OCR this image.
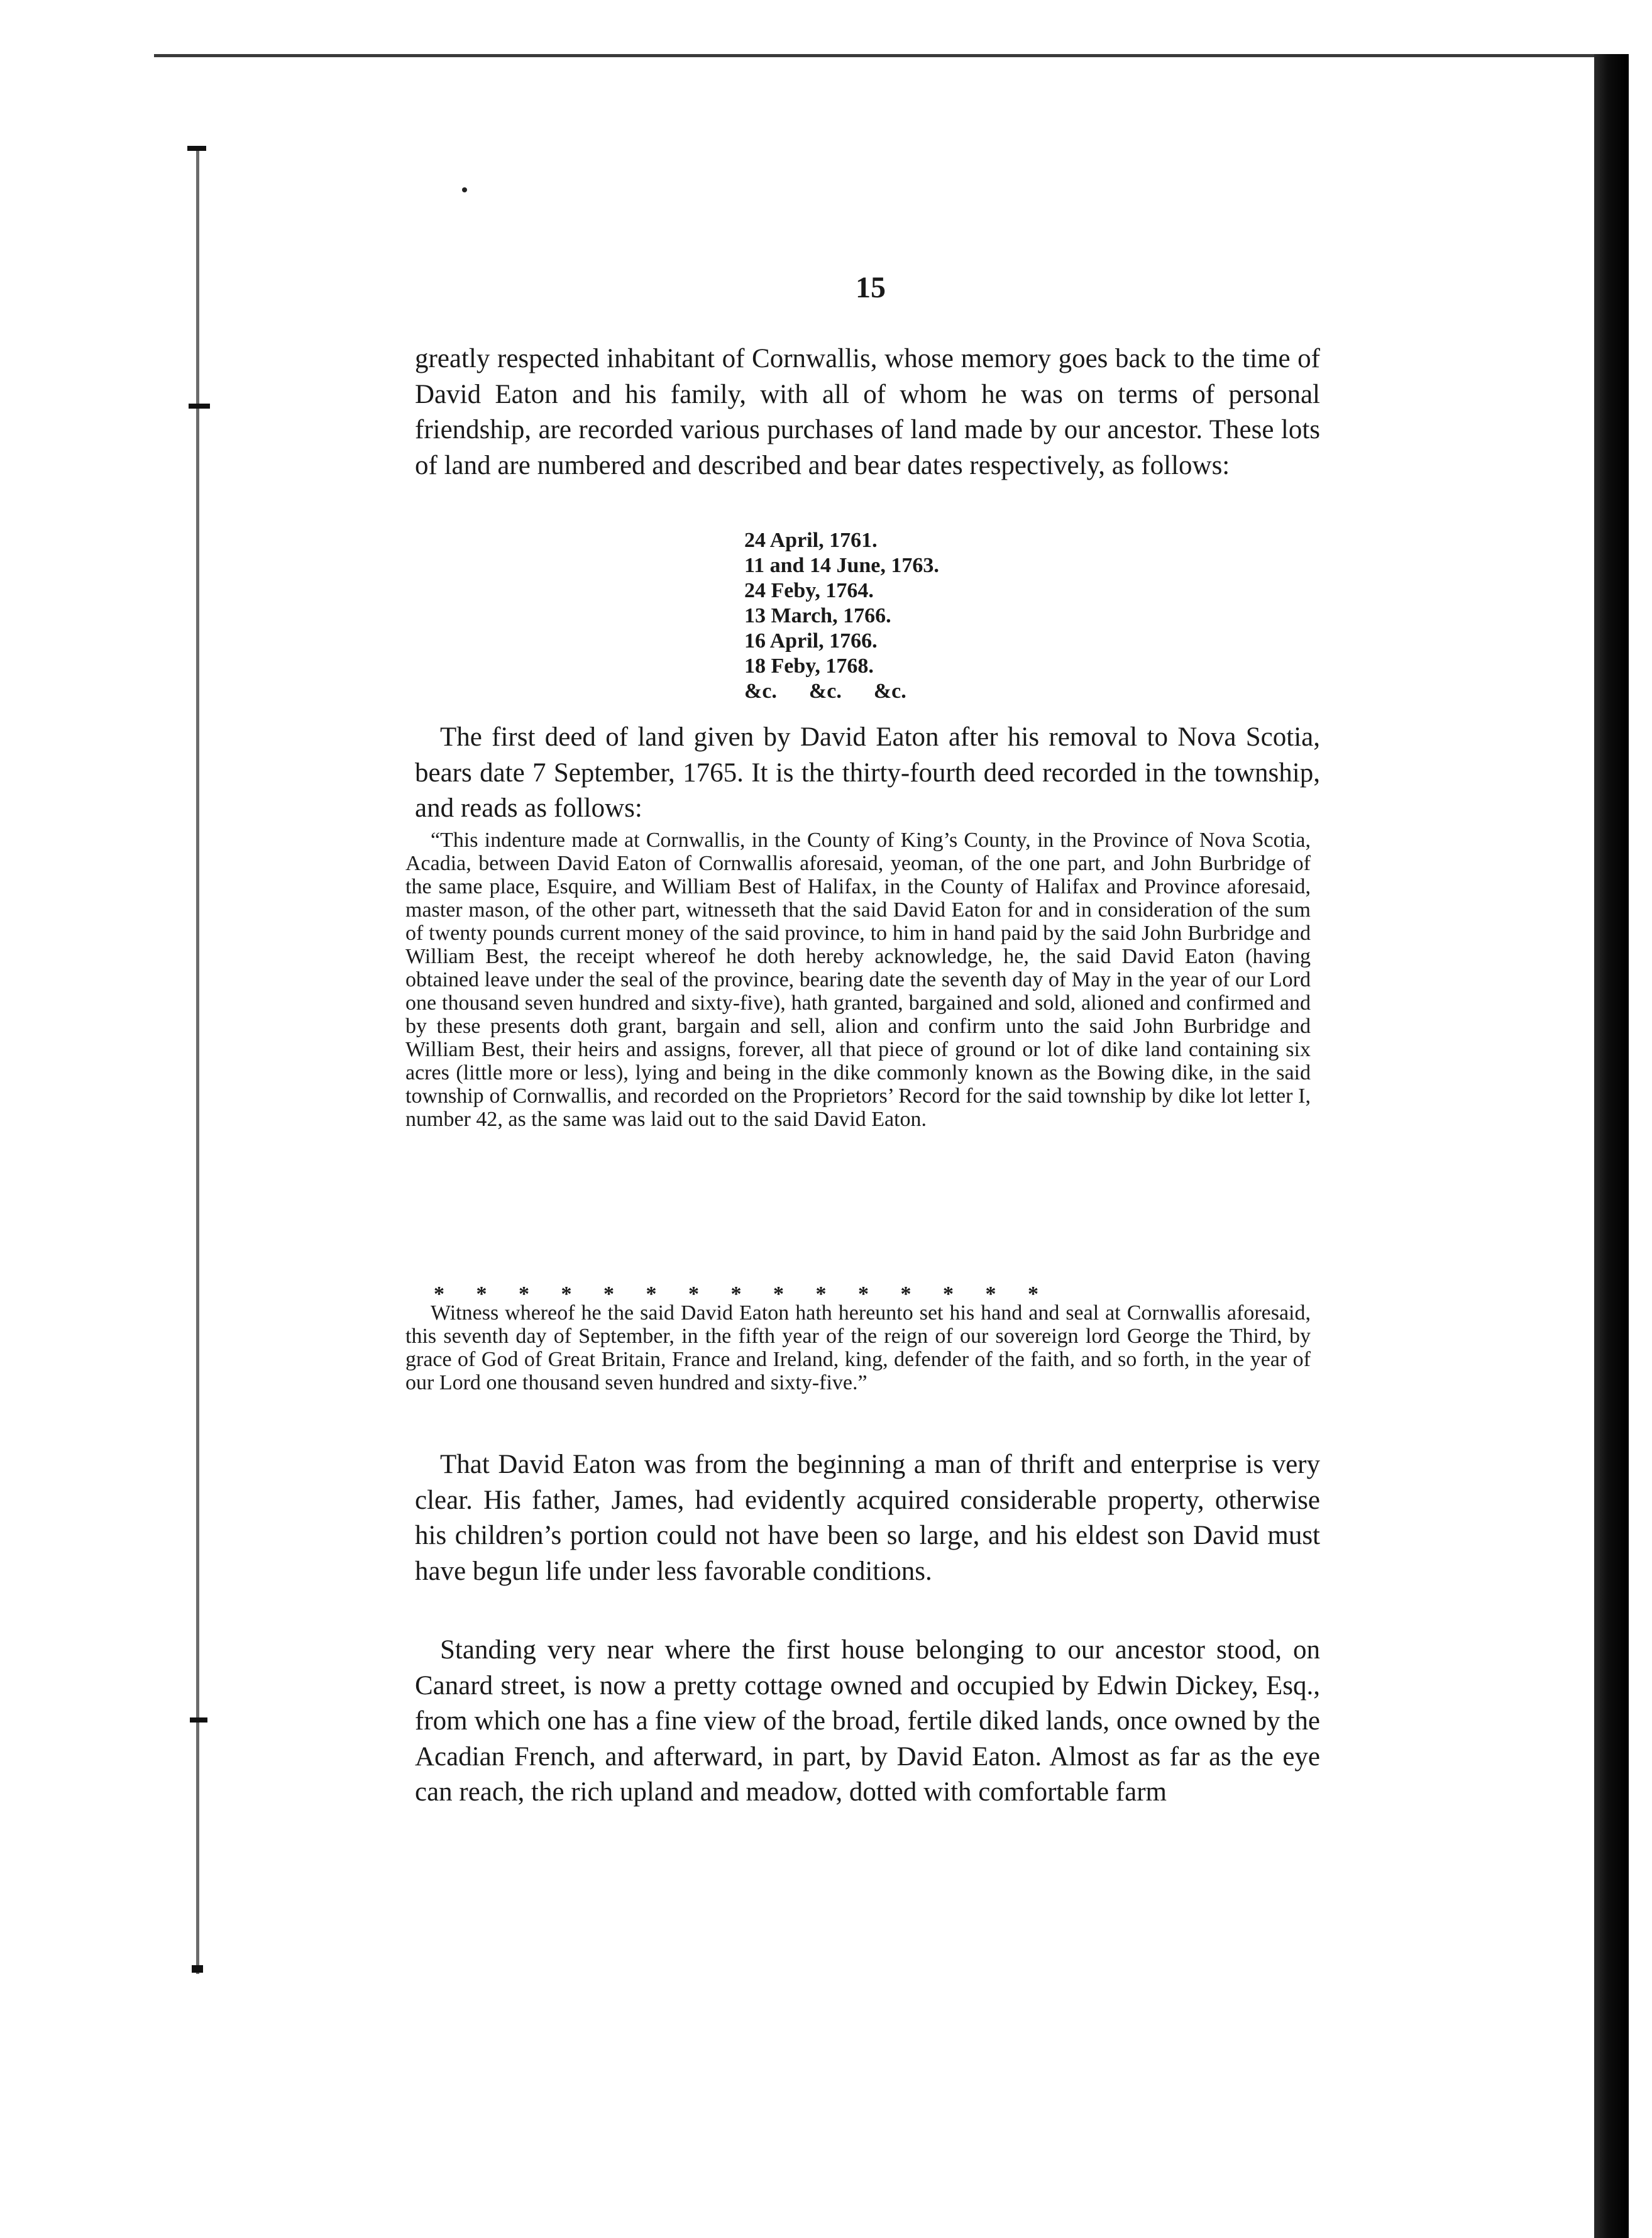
15

greatly respected inhabitant of Cornwallis, whose memory goes back to the time of David Eaton and his family, with all of whom he was on terms of personal friendship, are recorded various purchases of land made by our ancestor. These lots of land are numbered and described and bear dates respectively, as follows:

24 April, 1761.
11 and 14 June, 1763.
24 Feby, 1764.
13 March, 1766.
16 April, 1766.
18 Feby, 1768.
&c.      &c.      &c.

The first deed of land given by David Eaton after his removal to Nova Scotia, bears date 7 September, 1765. It is the thirty-fourth deed recorded in the township, and reads as follows:

“This indenture made at Cornwallis, in the County of King’s County, in the Province of Nova Scotia, Acadia, between David Eaton of Cornwallis aforesaid, yeoman, of the one part, and John Burbridge of the same place, Esquire, and William Best of Halifax, in the County of Halifax and Province aforesaid, master mason, of the other part, witnesseth that the said David Eaton for and in consideration of the sum of twenty pounds current money of the said province, to him in hand paid by the said John Burbridge and William Best, the receipt whereof he doth hereby acknowledge, he, the said David Eaton (having obtained leave under the seal of the province, bearing date the seventh day of May in the year of our Lord one thousand seven hundred and sixty-five), hath granted, bargained and sold, alioned and confirmed and by these presents doth grant, bargain and sell, alion and confirm unto the said John Burbridge and William Best, their heirs and assigns, forever, all that piece of ground or lot of dike land containing six acres (little more or less), lying and being in the dike commonly known as the Bowing dike, in the said township of Cornwallis, and recorded on the Proprietors’ Record for the said township by dike lot letter I, number 42, as the same was laid out to the said David Eaton.

* * * * * * * * * * * * * * *

Witness whereof he the said David Eaton hath hereunto set his hand and seal at Cornwallis aforesaid, this seventh day of September, in the fifth year of the reign of our sovereign lord George the Third, by grace of God of Great Britain, France and Ireland, king, defender of the faith, and so forth, in the year of our Lord one thousand seven hundred and sixty-five.”

That David Eaton was from the beginning a man of thrift and enterprise is very clear. His father, James, had evidently acquired considerable property, otherwise his children’s portion could not have been so large, and his eldest son David must have begun life under less favorable conditions.

Standing very near where the first house belonging to our ancestor stood, on Canard street, is now a pretty cottage owned and occupied by Edwin Dickey, Esq., from which one has a fine view of the broad, fertile diked lands, once owned by the Acadian French, and afterward, in part, by David Eaton. Almost as far as the eye can reach, the rich upland and meadow, dotted with comfortable farm
